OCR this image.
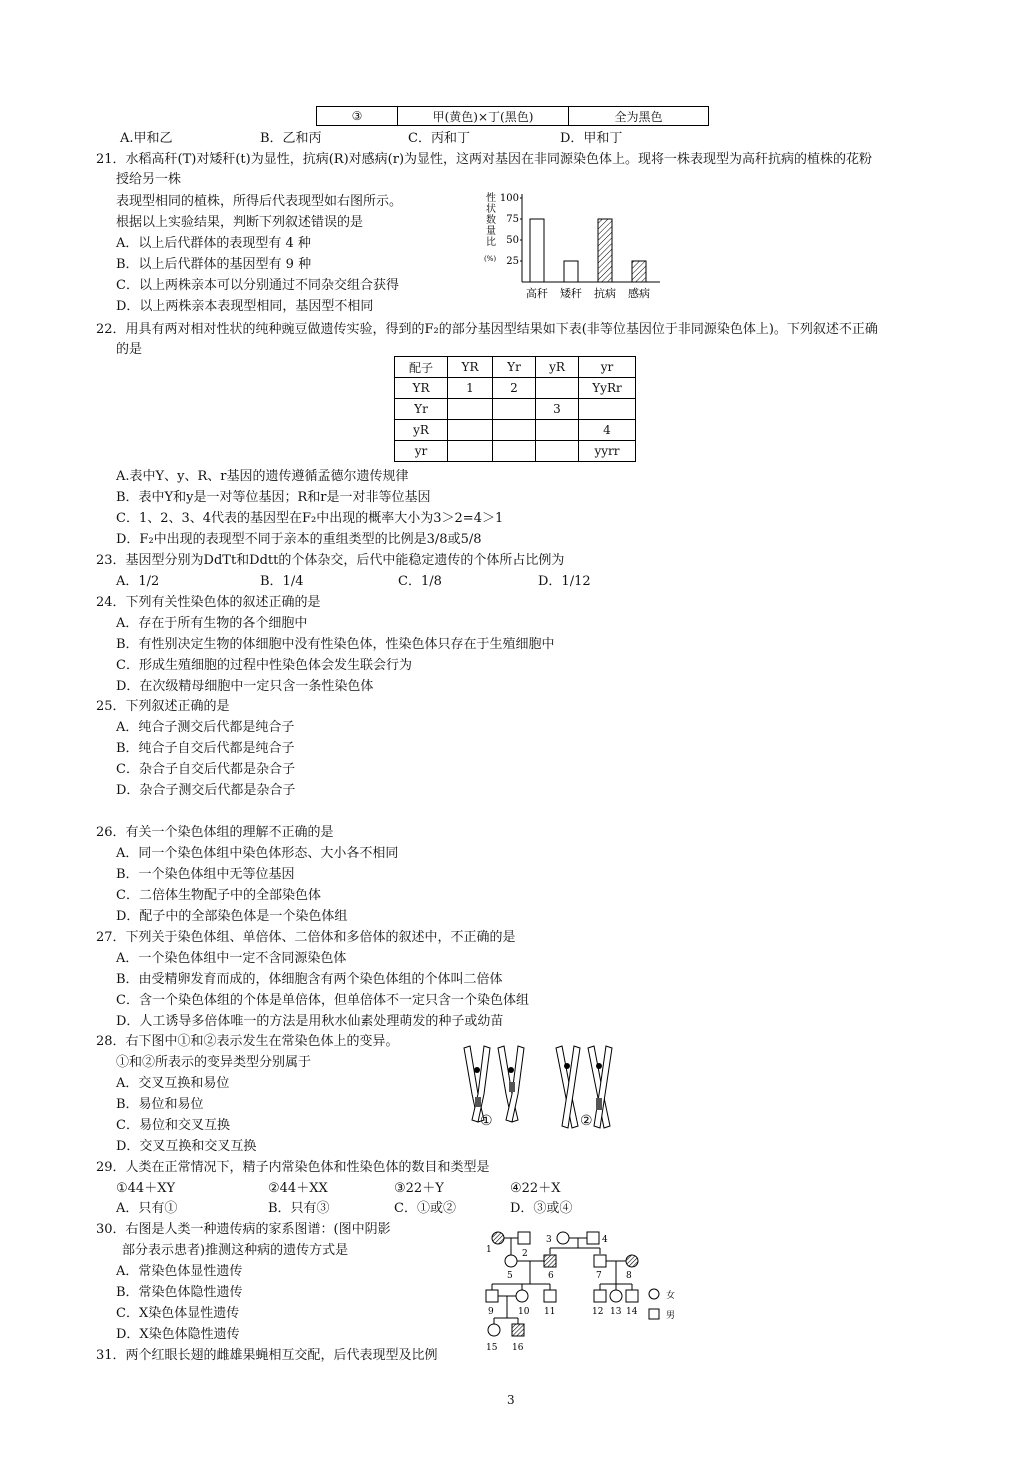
③	甲(黄色)×丁(黑色)	全为黑色
A.甲和乙	B．乙和丙	C．丙和丁	D．甲和丁
21．水稻高秆(T)对矮秆(t)为显性，抗病(R)对感病(r)为显性，这两对基因在非同源染色体上。现将一株表现型为高秆抗病的植株的花粉
授给另一株
表现型相同的植株，所得后代表现型如右图所示。
根据以上实验结果，判断下列叙述错误的是
A．以上后代群体的表现型有 4 种
B．以上后代群体的基因型有 9 种
C．以上两株亲本可以分别通过不同杂交组合获得
D．以上两株亲本表现型相同，基因型不相同
性
状
数
量
比
(%) 25
50
75
100
高秆 矮秆 抗病 感病
22．用具有两对相对性状的纯种豌豆做遗传实验，得到的F₂的部分基因型结果如下表(非等位基因位于非同源染色体上)。下列叙述不正确
的是
配子	YR	Yr	yR	yr
YR	1	2		YyRr
Yr			3	
yR				4
yr				yyrr
A.表中Y、y、R、r基因的遗传遵循孟德尔遗传规律
B．表中Y和y是一对等位基因；R和r是一对非等位基因
C．1、2、3、4代表的基因型在F₂中出现的概率大小为3＞2=4＞1
D．F₂中出现的表现型不同于亲本的重组类型的比例是3/8或5/8
23．基因型分别为DdTt和Ddtt的个体杂交，后代中能稳定遗传的个体所占比例为
A．1/2	B．1/4	C．1/8	D．1/12
24．下列有关性染色体的叙述正确的是
A．存在于所有生物的各个细胞中
B．有性别决定生物的体细胞中没有性染色体，性染色体只存在于生殖细胞中
C．形成生殖细胞的过程中性染色体会发生联会行为
D．在次级精母细胞中一定只含一条性染色体
25．下列叙述正确的是
A．纯合子测交后代都是纯合子
B．纯合子自交后代都是纯合子
C．杂合子自交后代都是杂合子
D．杂合子测交后代都是杂合子
26．有关一个染色体组的理解不正确的是
A．同一个染色体组中染色体形态、大小各不相同
B．一个染色体组中无等位基因
C．二倍体生物配子中的全部染色体
D．配子中的全部染色体是一个染色体组
27．下列关于染色体组、单倍体、二倍体和多倍体的叙述中，不正确的是
A．一个染色体组中一定不含同源染色体
B．由受精卵发育而成的，体细胞含有两个染色体组的个体叫二倍体
C．含一个染色体组的个体是单倍体，但单倍体不一定只含一个染色体组
D．人工诱导多倍体唯一的方法是用秋水仙素处理萌发的种子或幼苗
28．右下图中①和②表示发生在常染色体上的变异。
①和②所表示的变异类型分别属于
A．交叉互换和易位
B．易位和易位
C．易位和交叉互换
D．交叉互换和交叉互换
①	②
29．人类在正常情况下，精子内常染色体和性染色体的数目和类型是
①44＋XY	②44＋XX	③22＋Y	④22＋X
A．只有①	B．只有③	C．①或②	D．③或④
30．右图是人类一种遗传病的家系图谱：(图中阴影
部分表示患者)推测这种病的遗传方式是
A．常染色体显性遗传
B．常染色体隐性遗传
C．X染色体显性遗传
D．X染色体隐性遗传
女
男
1	2
3	4
5	6	7	8
9	10 11	12 13 14
15 16
31．两个红眼长翅的雌雄果蝇相互交配，后代表现型及比例
3
